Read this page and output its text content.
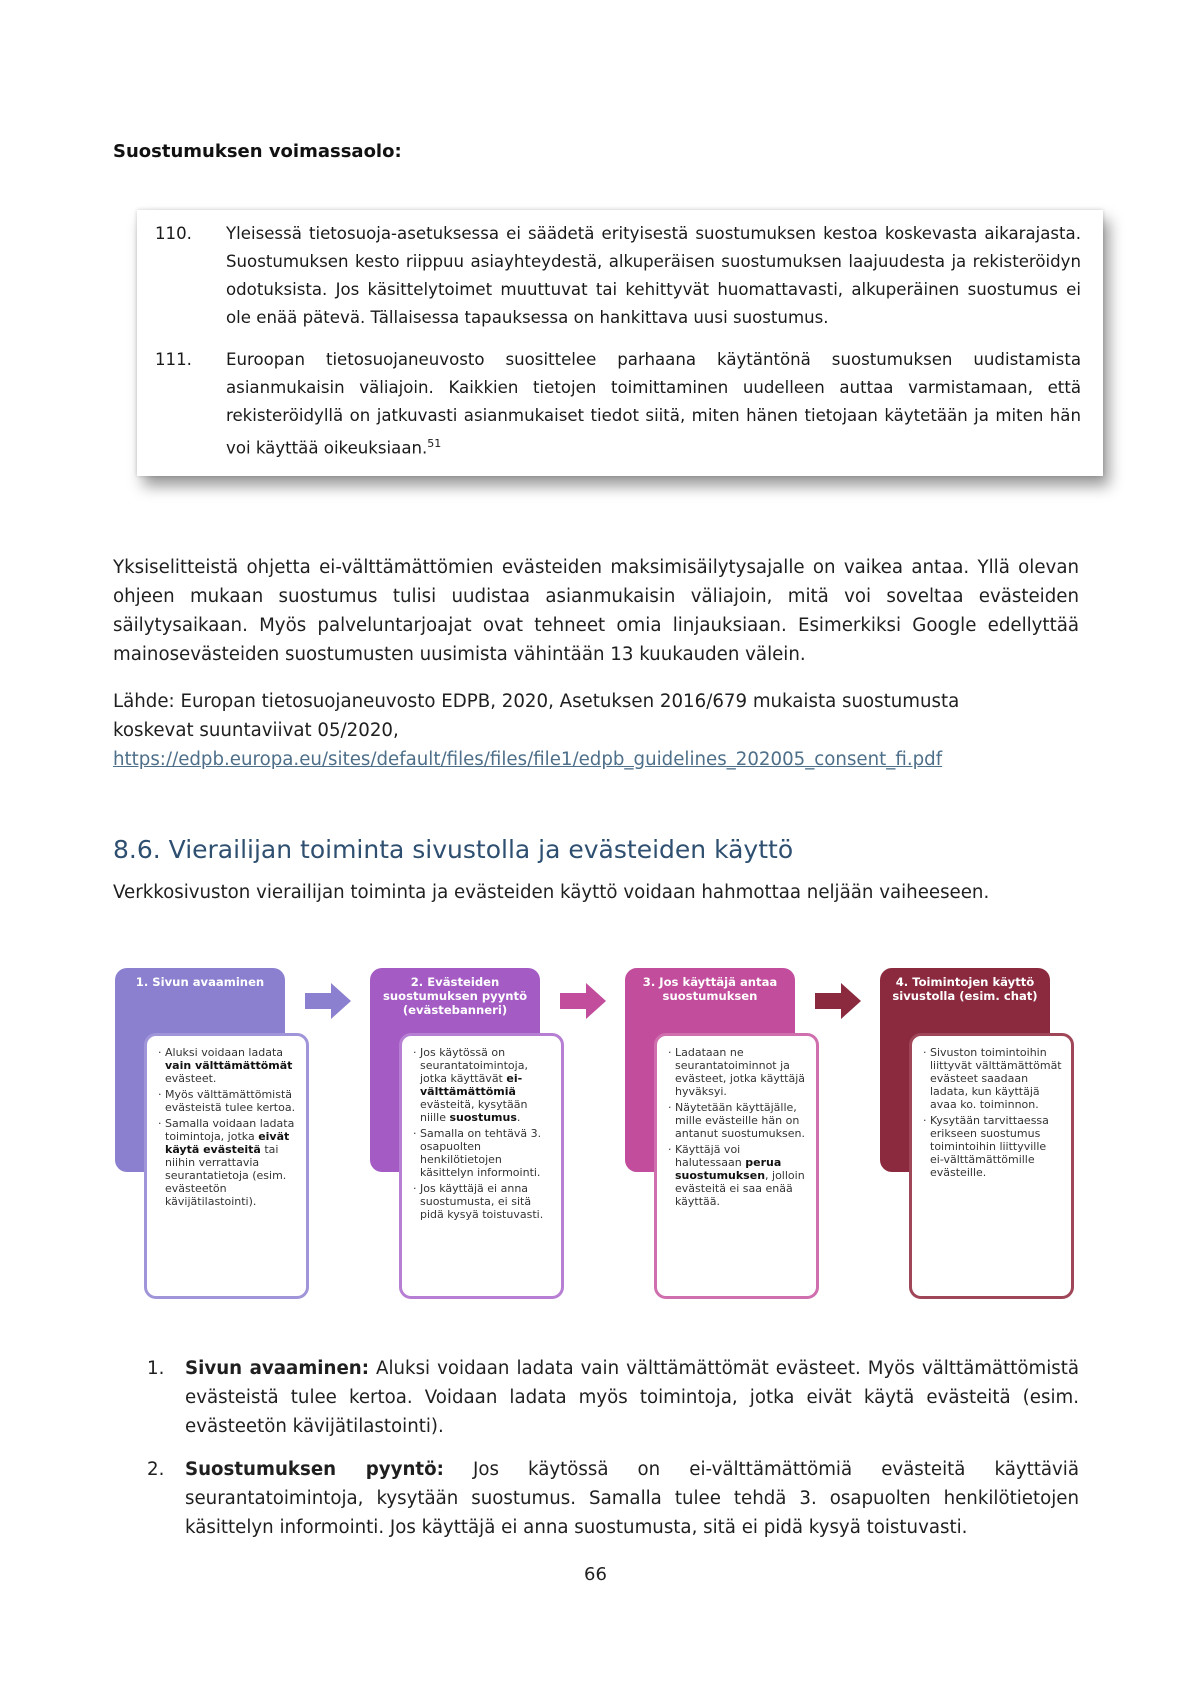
Suostumuksen voimassaolo:
110.	Yleisessä tietosuoja-asetuksessa ei säädetä erityisestä suostumuksen kestoa koskevasta aikarajasta. Suostumuksen kesto riippuu asiayhteydestä, alkuperäisen suostumuksen laajuudesta ja rekisteröidyn odotuksista. Jos käsittelytoimet muuttuvat tai kehittyvät huomattavasti, alkuperäinen suostumus ei ole enää pätevä. Tällaisessa tapauksessa on hankittava uusi suostumus.
111.	Euroopan tietosuojaneuvosto suosittelee parhaana käytäntönä suostumuksen uudistamista asianmukaisin väliajoin. Kaikkien tietojen toimittaminen uudelleen auttaa varmistamaan, että rekisteröidyllä on jatkuvasti asianmukaiset tiedot siitä, miten hänen tietojaan käytetään ja miten hän voi käyttää oikeuksiaan.$^{51}$
Yksiselitteistä ohjetta ei-välttämättömien evästeiden maksimisäilytysajalle on vaikea antaa. Yllä olevan ohjeen mukaan suostumus tulisi uudistaa asianmukaisin väliajoin, mitä voi soveltaa evästeiden säilytysaikaan. Myös palveluntarjoajat ovat tehneet omia linjauksiaan. Esimerkiksi Google edellyttää mainosevästeiden suostumusten uusimista vähintään 13 kuukauden välein.
Lähde: Europan tietosuojaneuvosto EDPB, 2020, Asetuksen 2016/679 mukaista suostumusta koskevat suuntaviivat 05/2020,
https://edpb.europa.eu/sites/default/files/files/file1/edpb_guidelines_202005_consent_fi.pdf
8.6. Vierailijan toiminta sivustolla ja evästeiden käyttö
Verkkosivuston vierailijan toiminta ja evästeiden käyttö voidaan hahmottaa neljään vaiheeseen.
1. Sivun avaaminen
· Aluksi voidaan ladata vain välttämättömät evästeet.
· Myös välttämättömistä evästeistä tulee kertoa.
· Samalla voidaan ladata toimintoja, jotka eivät käytä evästeitä tai niihin verrattavia seurantatietoja (esim. evästeetön kävijätilastointi).
2. Evästeiden suostumuksen pyyntö (evästebanneri)
· Jos käytössä on seurantatoimintoja, jotka käyttävät ei-välttämättömiä evästeitä, kysytään niille suostumus.
· Samalla on tehtävä 3. osapuolten henkilötietojen käsittelyn informointi.
· Jos käyttäjä ei anna suostumusta, ei sitä pidä kysyä toistuvasti.
3. Jos käyttäjä antaa suostumuksen
· Ladataan ne seurantatoiminnot ja evästeet, jotka käyttäjä hyväksyi.
· Näytetään käyttäjälle, mille evästeille hän on antanut suostumuksen.
· Käyttäjä voi halutessaan perua suostumuksen, jolloin evästeitä ei saa enää käyttää.
4. Toimintojen käyttö sivustolla (esim. chat)
· Sivuston toimintoihin liittyvät välttämättömät evästeet saadaan ladata, kun käyttäjä avaa ko. toiminnon.
· Kysytään tarvittaessa erikseen suostumus toimintoihin liittyville ei-välttämättömille evästeille.
1. Sivun avaaminen: Aluksi voidaan ladata vain välttämättömät evästeet. Myös välttämättömistä evästeistä tulee kertoa. Voidaan ladata myös toimintoja, jotka eivät käytä evästeitä (esim. evästeetön kävijätilastointi).
2. Suostumuksen pyyntö: Jos käytössä on ei-välttämättömiä evästeitä käyttäviä seurantatoimintoja, kysytään suostumus. Samalla tulee tehdä 3. osapuolten henkilötietojen käsittelyn informointi. Jos käyttäjä ei anna suostumusta, sitä ei pidä kysyä toistuvasti.
66
